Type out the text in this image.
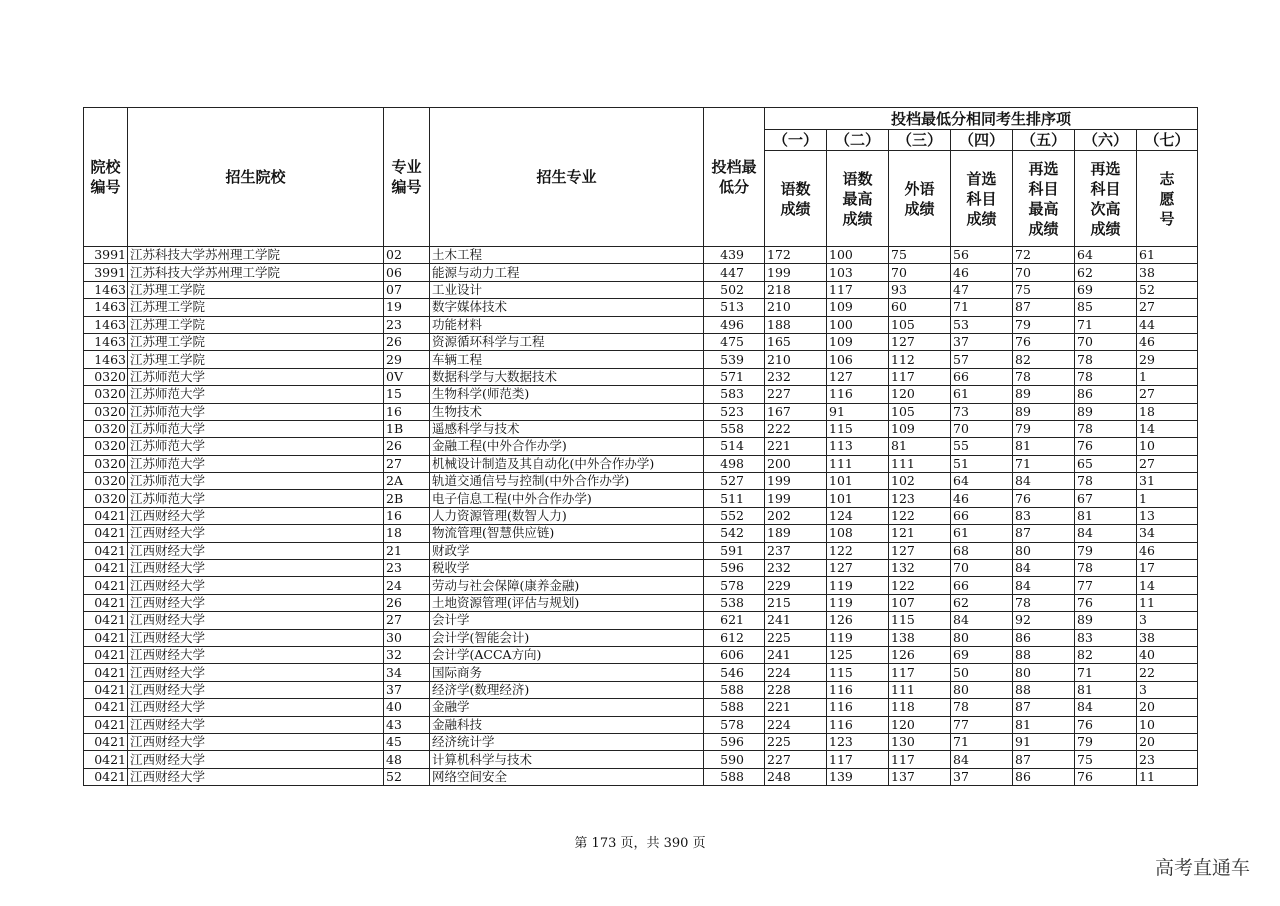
院校编号	招生院校	专业编号	招生专业	投档最低分	投档最低分相同考生排序项						
					（一）	（二）	（三）	（四）	（五）	（六）	（七）
					语数成绩	语数最高成绩	外语成绩	首选科目成绩	再选科目最高成绩	再选科目次高成绩	志愿号
3991	江苏科技大学苏州理工学院	02	土木工程	439	172	100	75	56	72	64	61
3991	江苏科技大学苏州理工学院	06	能源与动力工程	447	199	103	70	46	70	62	38
1463	江苏理工学院	07	工业设计	502	218	117	93	47	75	69	52
1463	江苏理工学院	19	数字媒体技术	513	210	109	60	71	87	85	27
1463	江苏理工学院	23	功能材料	496	188	100	105	53	79	71	44
1463	江苏理工学院	26	资源循环科学与工程	475	165	109	127	37	76	70	46
1463	江苏理工学院	29	车辆工程	539	210	106	112	57	82	78	29
0320	江苏师范大学	0V	数据科学与大数据技术	571	232	127	117	66	78	78	1
0320	江苏师范大学	15	生物科学(师范类)	583	227	116	120	61	89	86	27
0320	江苏师范大学	16	生物技术	523	167	91	105	73	89	89	18
0320	江苏师范大学	1B	遥感科学与技术	558	222	115	109	70	79	78	14
0320	江苏师范大学	26	金融工程(中外合作办学)	514	221	113	81	55	81	76	10
0320	江苏师范大学	27	机械设计制造及其自动化(中外合作办学)	498	200	111	111	51	71	65	27
0320	江苏师范大学	2A	轨道交通信号与控制(中外合作办学)	527	199	101	102	64	84	78	31
0320	江苏师范大学	2B	电子信息工程(中外合作办学)	511	199	101	123	46	76	67	1
0421	江西财经大学	16	人力资源管理(数智人力)	552	202	124	122	66	83	81	13
0421	江西财经大学	18	物流管理(智慧供应链)	542	189	108	121	61	87	84	34
0421	江西财经大学	21	财政学	591	237	122	127	68	80	79	46
0421	江西财经大学	23	税收学	596	232	127	132	70	84	78	17
0421	江西财经大学	24	劳动与社会保障(康养金融)	578	229	119	122	66	84	77	14
0421	江西财经大学	26	土地资源管理(评估与规划)	538	215	119	107	62	78	76	11
0421	江西财经大学	27	会计学	621	241	126	115	84	92	89	3
0421	江西财经大学	30	会计学(智能会计)	612	225	119	138	80	86	83	38
0421	江西财经大学	32	会计学(ACCA方向)	606	241	125	126	69	88	82	40
0421	江西财经大学	34	国际商务	546	224	115	117	50	80	71	22
0421	江西财经大学	37	经济学(数理经济)	588	228	116	111	80	88	81	3
0421	江西财经大学	40	金融学	588	221	116	118	78	87	84	20
0421	江西财经大学	43	金融科技	578	224	116	120	77	81	76	10
0421	江西财经大学	45	经济统计学	596	225	123	130	71	91	79	20
0421	江西财经大学	48	计算机科学与技术	590	227	117	117	84	87	75	23
0421	江西财经大学	52	网络空间安全	588	248	139	137	37	86	76	11
第 173 页，共 390 页
高考直通车
